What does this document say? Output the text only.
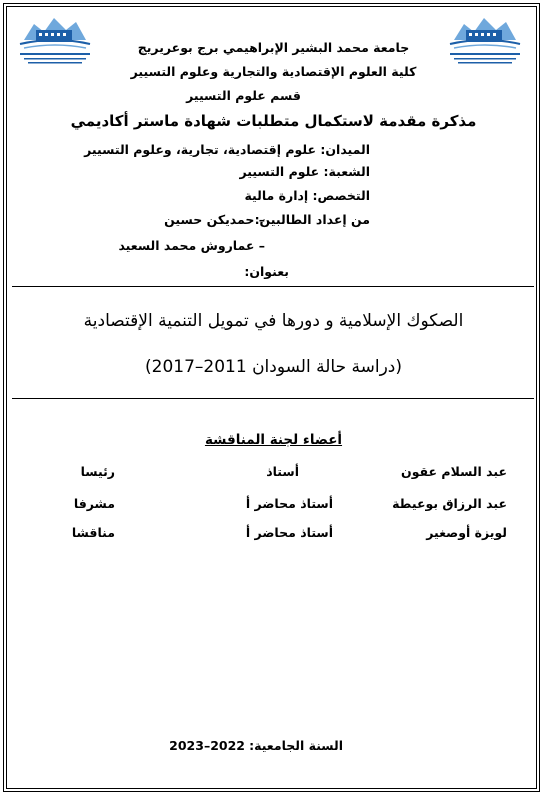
جامعة محمد البشير الإبراهيمي برج بوعريريج
كلية العلوم الإقتصادية والتجارية وعلوم التسيير
قسم علوم التسيير
مذكرة مقدمة لاستكمال متطلبات شهادة ماستر أكاديمي
الميدان: علوم إقتصادية، تجارية، وعلوم التسيير
الشعبة: علوم التسيير
التخصص: إدارة مالية
من إعداد الطالبين:
– حمديكن حسين
– عماروش محمد السعيد
بعنوان:
الصكوك الإسلامية و دورها في تمويل التنمية الإقتصادية
(دراسة حالة السودان 2011–2017)
أعضاء لجنة المناقشة
عبد السلام عقون
أستاذ
رئيسا
عبد الرزاق بوعيطة
أستاذ محاضر أ
مشرفا
لويزة أوصغير
أستاذ محاضر أ
مناقشا
السنة الجامعية:
2023–2022
